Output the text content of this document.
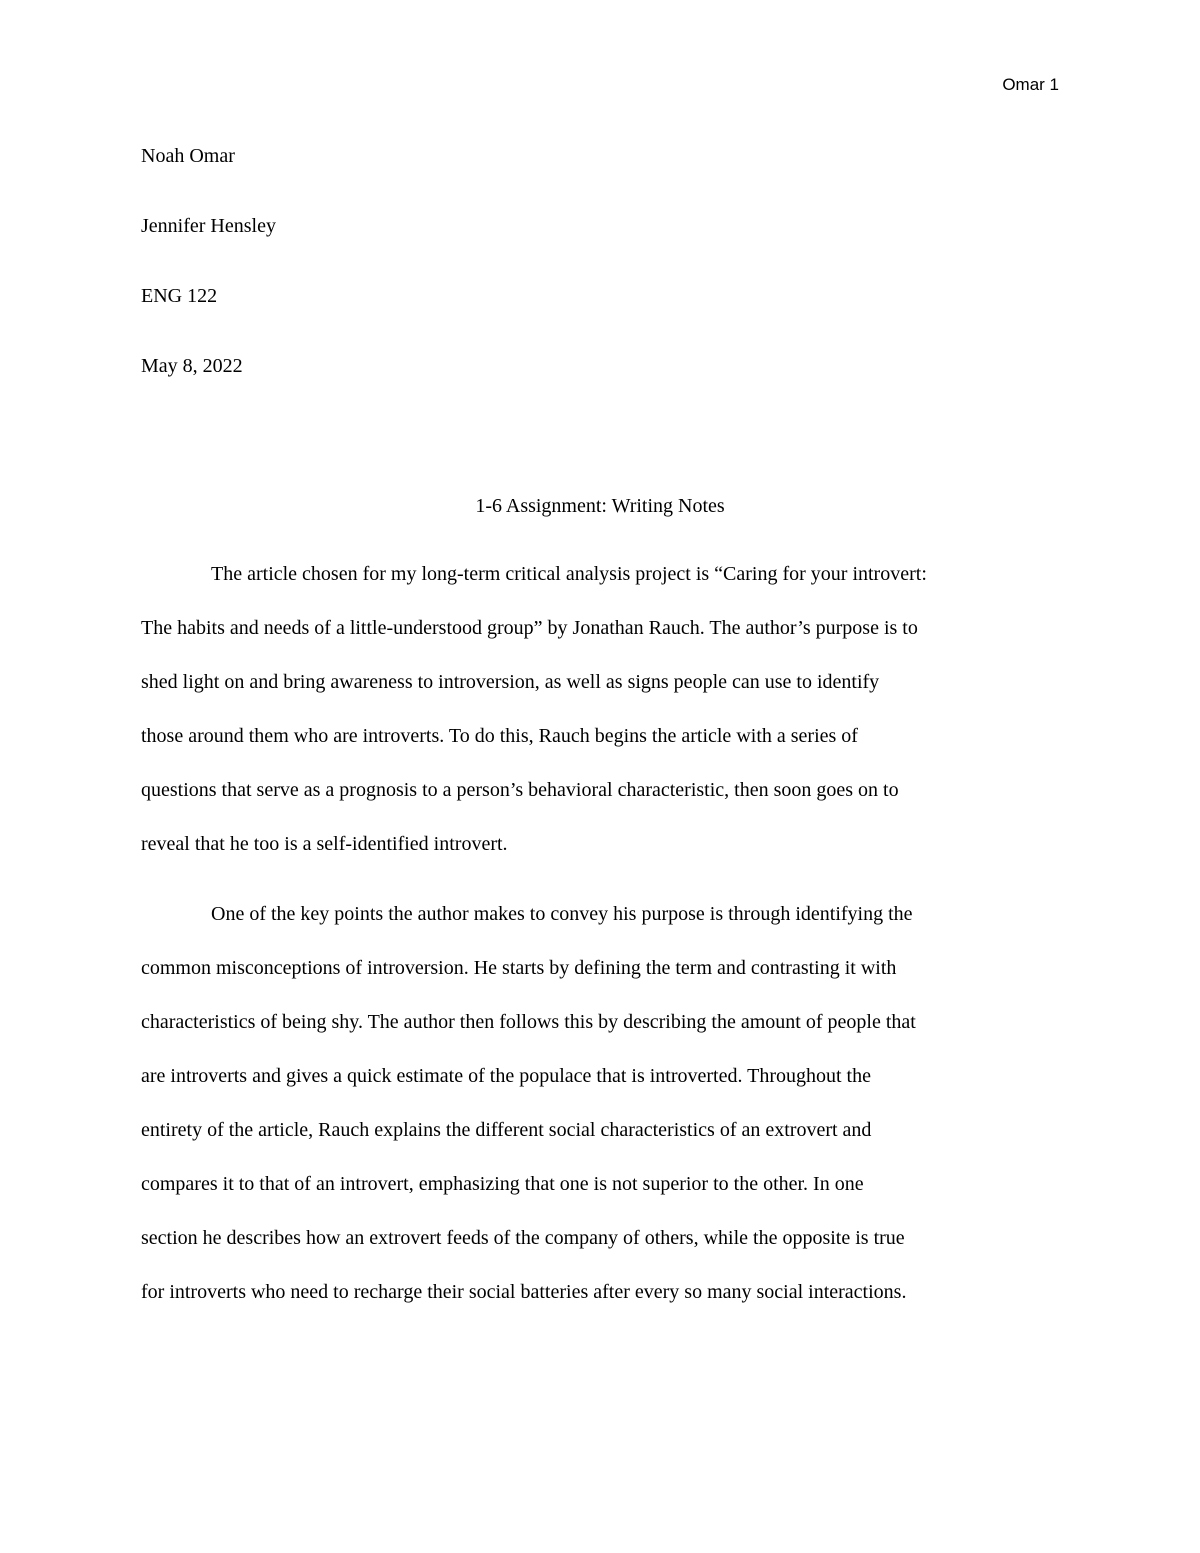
Omar 1
Noah Omar
Jennifer Hensley
ENG 122
May 8, 2022
1-6 Assignment: Writing Notes
The article chosen for my long-term critical analysis project is “Caring for your introvert:
The habits and needs of a little-understood group” by Jonathan Rauch. The author’s purpose is to
shed light on and bring awareness to introversion, as well as signs people can use to identify
those around them who are introverts. To do this, Rauch begins the article with a series of
questions that serve as a prognosis to a person’s behavioral characteristic, then soon goes on to
reveal that he too is a self-identified introvert.
One of the key points the author makes to convey his purpose is through identifying the
common misconceptions of introversion. He starts by defining the term and contrasting it with
characteristics of being shy. The author then follows this by describing the amount of people that
are introverts and gives a quick estimate of the populace that is introverted. Throughout the
entirety of the article, Rauch explains the different social characteristics of an extrovert and
compares it to that of an introvert, emphasizing that one is not superior to the other. In one
section he describes how an extrovert feeds of the company of others, while the opposite is true
for introverts who need to recharge their social batteries after every so many social interactions.
